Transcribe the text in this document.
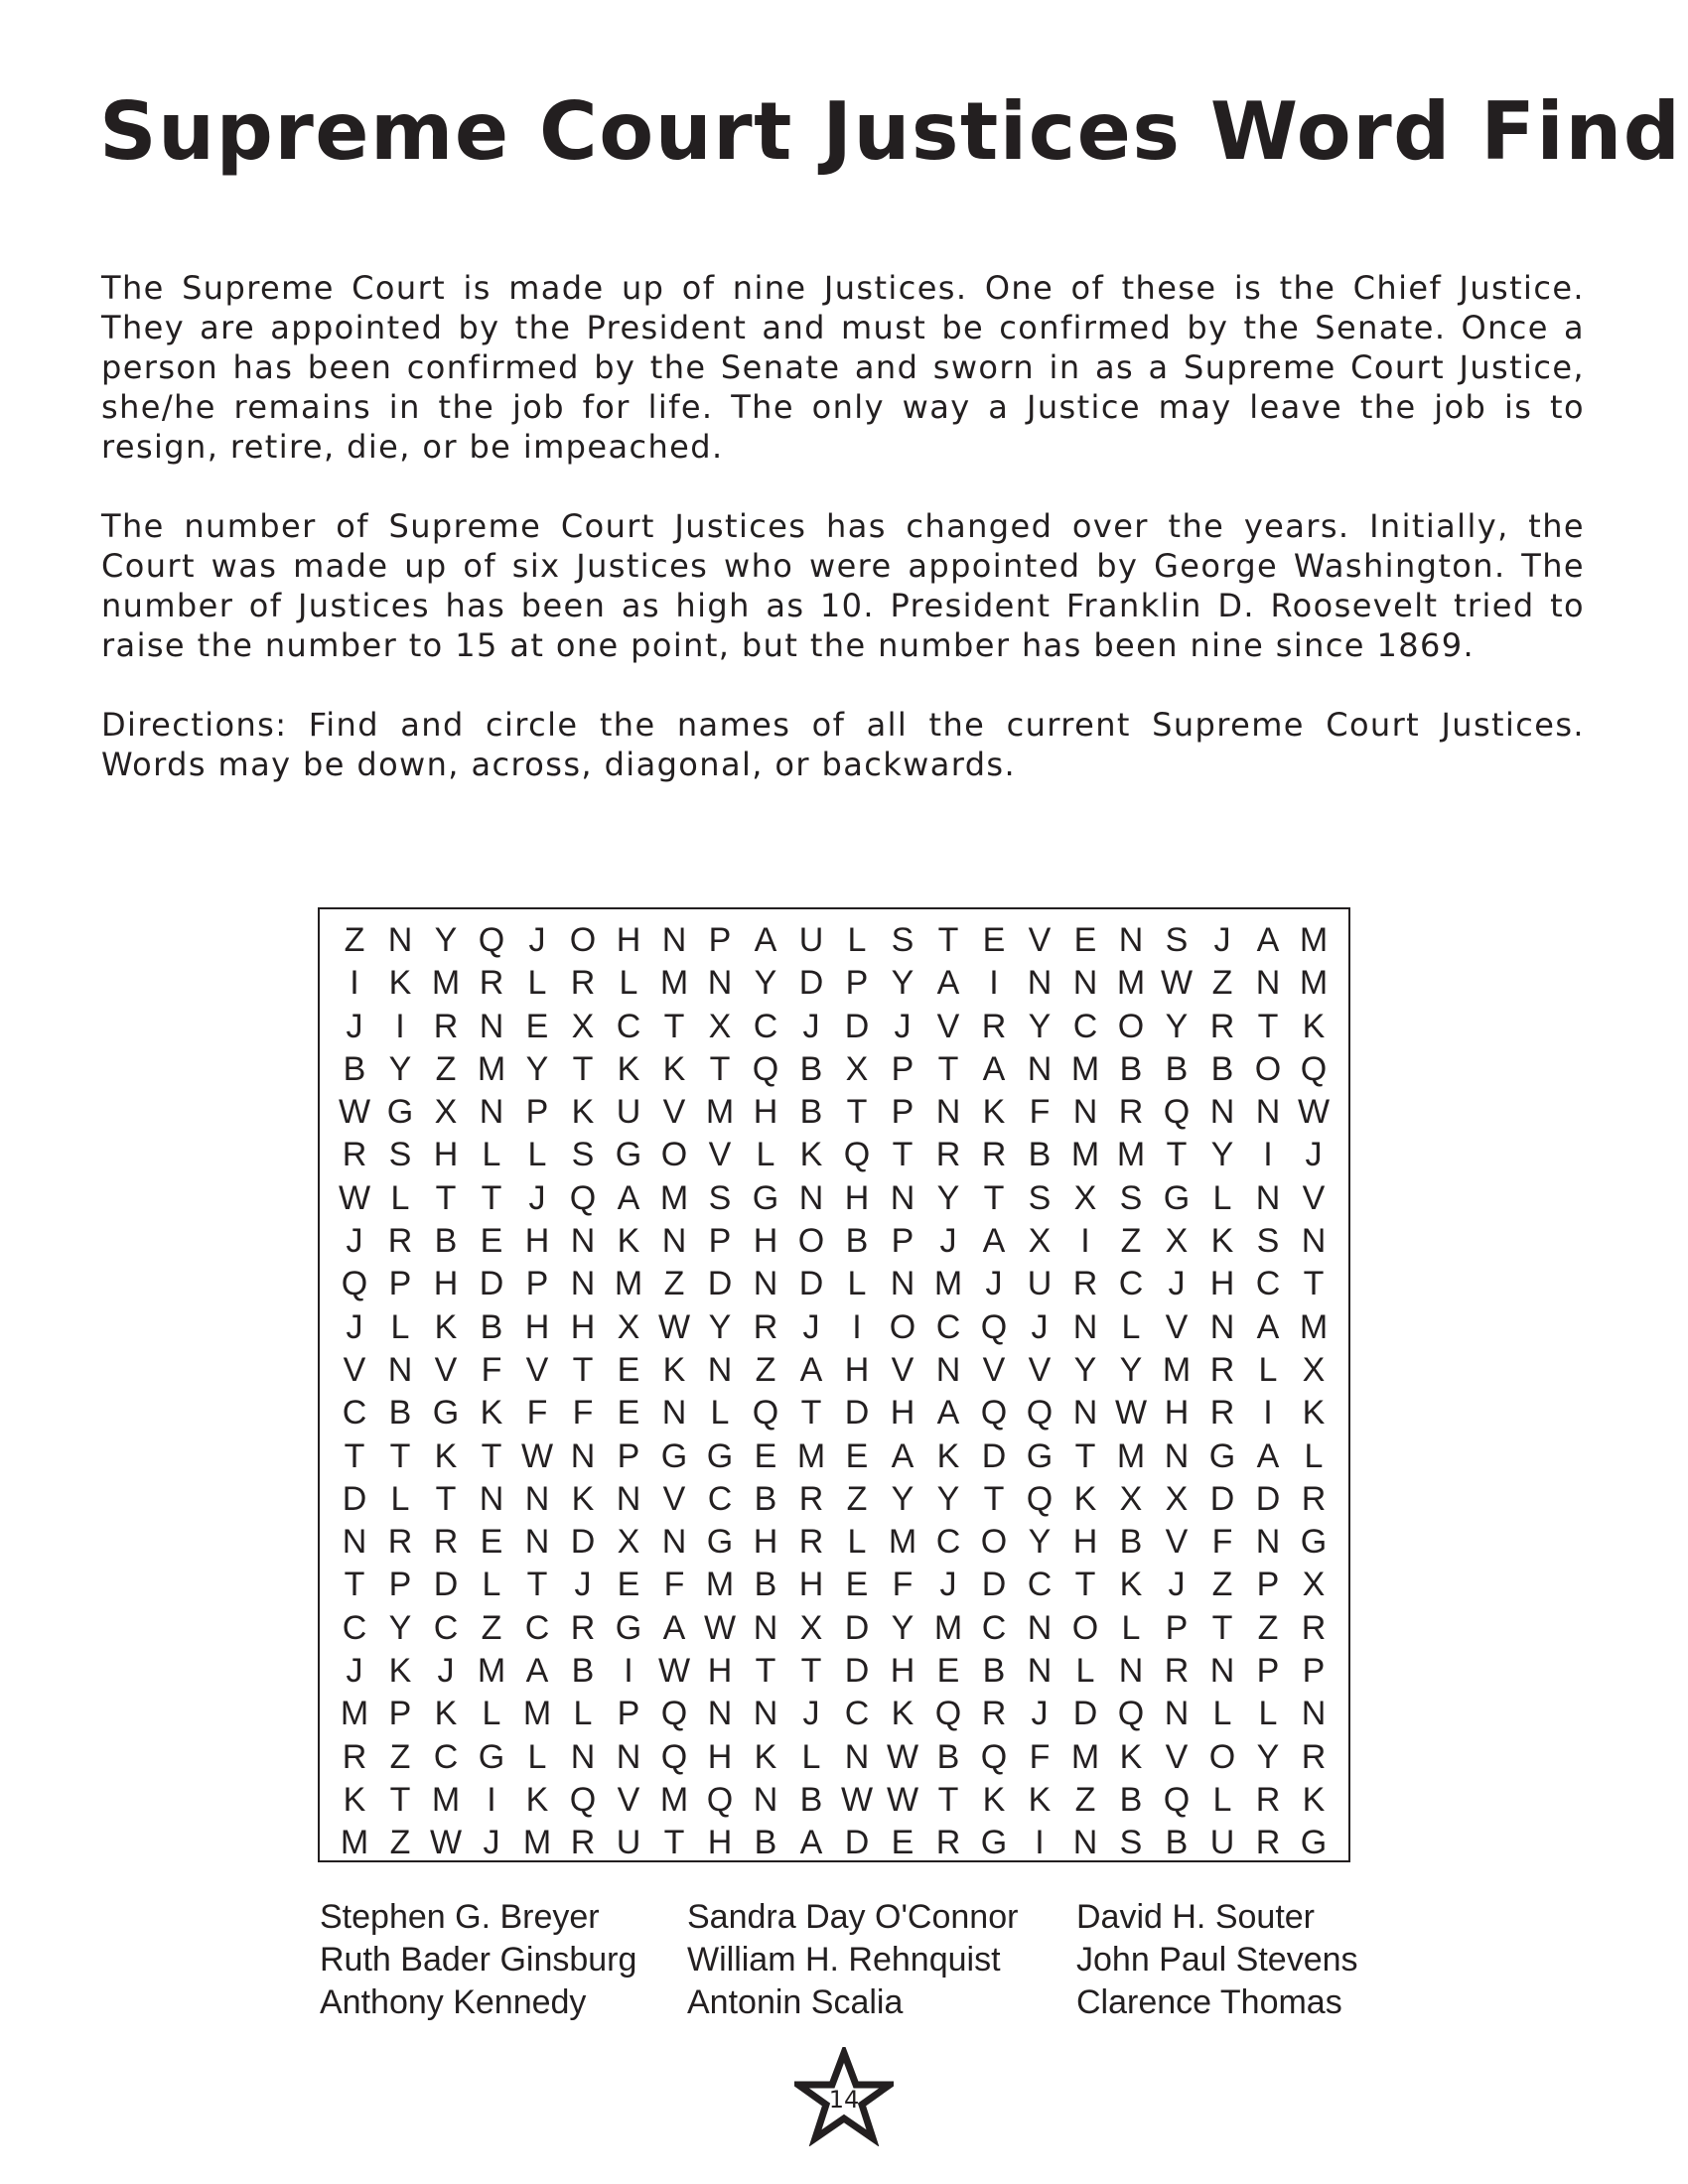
Supreme Court Justices Word Find

The Supreme Court is made up of nine Justices. One of these is the Chief Justice. They are appointed by the President and must be confirmed by the Senate. Once a person has been confirmed by the Senate and sworn in as a Supreme Court Justice, she/he remains in the job for life. The only way a Justice may leave the job is to resign, retire, die, or be impeached.

The number of Supreme Court Justices has changed over the years. Initially, the Court was made up of six Justices who were appointed by George Washington. The number of Justices has been as high as 10. President Franklin D. Roosevelt tried to raise the number to 15 at one point, but the number has been nine since 1869.

Directions: Find and circle the names of all the current Supreme Court Justices. Words may be down, across, diagonal, or backwards.

Z N Y Q J O H N P A U L S T E V E N S J A M
I K M R L R L M N Y D P Y A I N N M W Z N M
J I R N E X C T X C J D J V R Y C O Y R T K
B Y Z M Y T K K T Q B X P T A N M B B B O Q
W G X N P K U V M H B T P N K F N R Q N N W
R S H L L S G O V L K Q T R R B M M T Y I J
W L T T J Q A M S G N H N Y T S X S G L N V
J R B E H N K N P H O B P J A X I Z X K S N
Q P H D P N M Z D N D L N M J U R C J H C T
J L K B H H X W Y R J I O C Q J N L V N A M
V N V F V T E K N Z A H V N V V Y Y M R L X
C B G K F F E N L Q T D H A Q Q N W H R I K
T T K T W N P G G E M E A K D G T M N G A L
D L T N N K N V C B R Z Y Y T Q K X X D D R
N R R E N D X N G H R L M C O Y H B V F N G
T P D L T J E F M B H E F J D C T K J Z P X
C Y C Z C R G A W N X D Y M C N O L P T Z R
J K J M A B I W H T T D H E B N L N R N P P
M P K L M L P Q N N J C K Q R J D Q N L L N
R Z C G L N N Q H K L N W B Q F M K V O Y R
K T M I K Q V M Q N B W W T K K Z B Q L R K
M Z W J M R U T H B A D E R G I N S B U R G
Stephen G. Breyer
Ruth Bader Ginsburg
Anthony Kennedy
Sandra Day O'Connor
William H. Rehnquist
Antonin Scalia
David H. Souter
John Paul Stevens
Clarence Thomas
14
